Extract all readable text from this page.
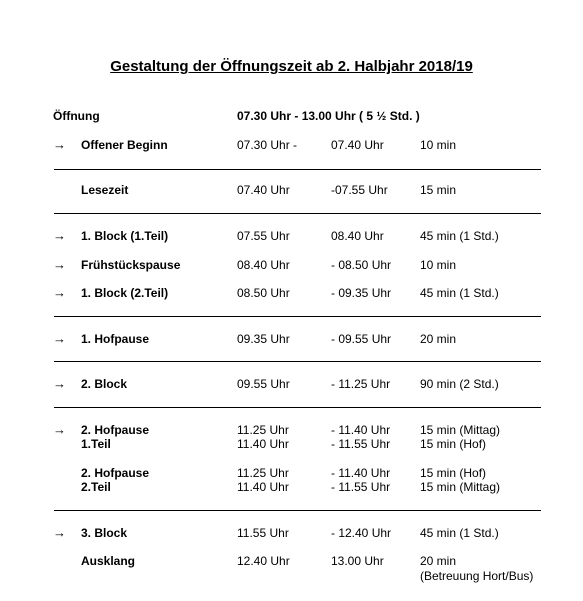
Gestaltung der Öffnungszeit ab 2. Halbjahr 2018/19
Öffnung	07.30 Uhr - 13.00 Uhr ( 5 ½ Std. )
→ Offener Beginn	07.30 Uhr -	07.40 Uhr	10 min
Lesezeit	07.40 Uhr	-07.55 Uhr	15 min
→ 1. Block (1.Teil)	07.55 Uhr	08.40 Uhr	45 min (1 Std.)
→ Frühstückspause	08.40 Uhr	- 08.50 Uhr 10 min
→ 1. Block (2.Teil)	08.50 Uhr	- 09.35 Uhr 45 min (1 Std.)
→ 1. Hofpause	09.35 Uhr	- 09.55 Uhr 20 min
→ 2. Block	09.55 Uhr	- 11.25 Uhr 90 min (2 Std.)
→ 2. Hofpause	11.25 Uhr	- 11.40 Uhr 15 min (Mittag)
1.Teil	11.40 Uhr	- 11.55 Uhr 15 min (Hof)
2. Hofpause	11.25 Uhr	- 11.40 Uhr 15 min (Hof)
2.Teil	11.40 Uhr	- 11.55 Uhr 15 min (Mittag)
→ 3. Block	11.55 Uhr	- 12.40 Uhr 45 min (1 Std.)
Ausklang	12.40 Uhr	13.00 Uhr	20 min
(Betreuung Hort/Bus)
